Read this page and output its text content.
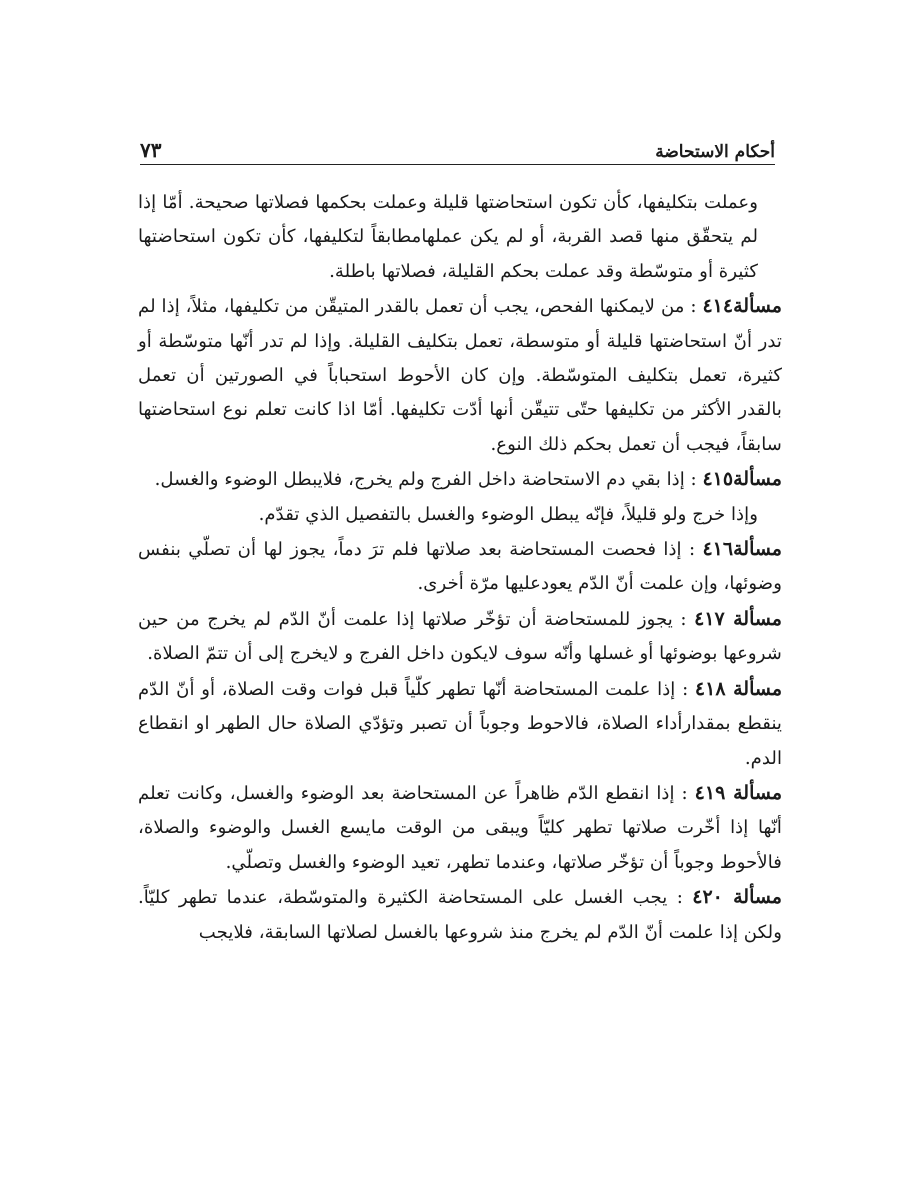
أحكام الاستحاضة
٧٣

وعملت بتكليفها، كأن تكون استحاضتها قليلة وعملت بحكمها فصلاتها صحيحة. أمّا إذا لم يتحقّق منها قصد القربة، أو لم يكن عملهامطابقاً لتكليفها، كأن تكون استحاضتها كثيرة أو متوسّطة وقد عملت بحكم القليلة، فصلاتها باطلة.

مسألة٤١٤ : من لايمكنها الفحص، يجب أن تعمل بالقدر المتيقّن من تكليفها، مثلاً، إذا لم تدر أنّ استحاضتها قليلة أو متوسطة، تعمل بتكليف القليلة. وإذا لم تدر أنّها متوسّطة أو كثيرة، تعمل بتكليف المتوسّطة. وإن كان الأحوط استحباباً في الصورتين أن تعمل بالقدر الأكثر من تكليفها حتّى تتيقّن أنها أدّت تكليفها. أمّا اذا كانت تعلم نوع استحاضتها سابقاً، فيجب أن تعمل بحكم ذلك النوع.

مسألة٤١٥ : إذا بقي دم الاستحاضة داخل الفرج ولم يخرج، فلايبطل الوضوء والغسل.

وإذا خرج ولو قليلاً، فإنّه يبطل الوضوء والغسل بالتفصيل الذي تقدّم.

مسألة٤١٦ : إذا فحصت المستحاضة بعد صلاتها فلم ترَ دماً، يجوز لها أن تصلّي بنفس وضوئها، وإن علمت أنّ الدّم يعودعليها مرّة أخرى.

مسألة ٤١٧ : يجوز للمستحاضة أن تؤخّر صلاتها إذا علمت أنّ الدّم لم يخرج من حين شروعها بوضوئها أو غسلها وأنّه سوف لايكون داخل الفرج و لايخرج إلى أن تتمّ الصلاة.

مسألة ٤١٨ : إذا علمت المستحاضة أنّها تطهر كلّياً قبل فوات وقت الصلاة، أو أنّ الدّم ينقطع بمقدارأداء الصلاة، فالاحوط وجوباً أن تصبر وتؤدّي الصلاة حال الطهر او انقطاع الدم.

مسألة ٤١٩ : إذا انقطع الدّم ظاهراً عن المستحاضة بعد الوضوء والغسل، وكانت تعلم أنّها إذا أخّرت صلاتها تطهر كليّاً ويبقى من الوقت مايسع الغسل والوضوء والصلاة، فالأحوط وجوباً أن تؤخّر صلاتها، وعندما تطهر، تعيد الوضوء والغسل وتصلّي.

مسألة ٤٢٠ : يجب الغسل على المستحاضة الكثيرة والمتوسّطة، عندما تطهر كليّاً. ولكن إذا علمت أنّ الدّم لم يخرج منذ شروعها بالغسل لصلاتها السابقة، فلايجب
